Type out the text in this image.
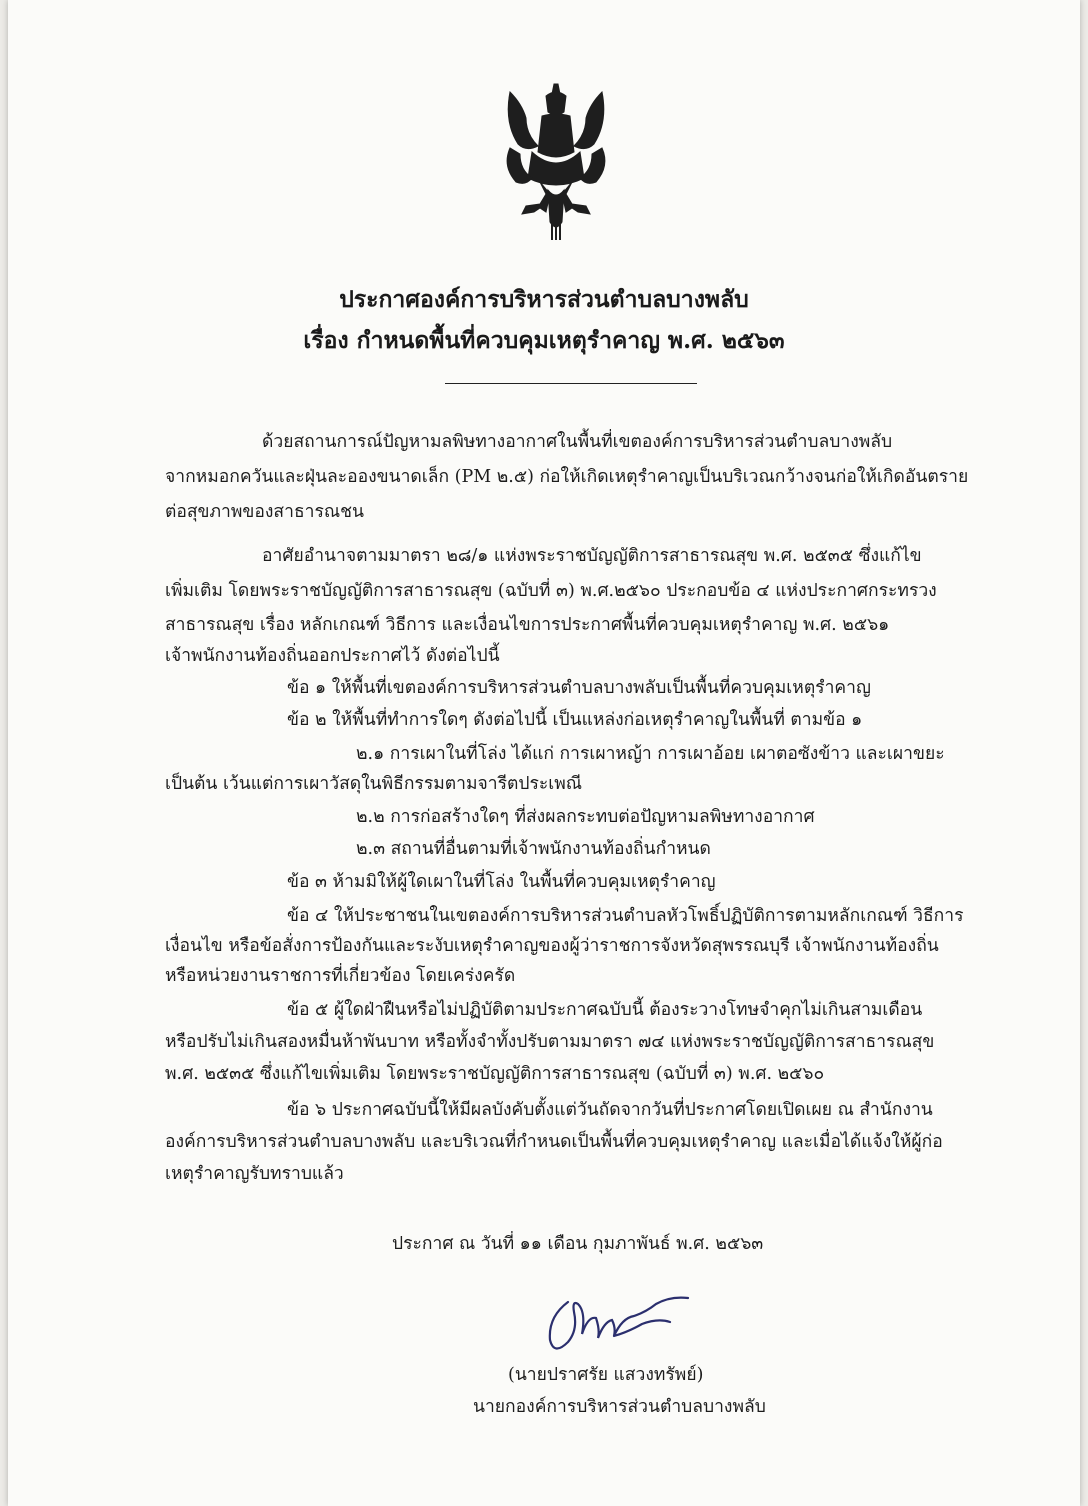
ประกาศองค์การบริหารส่วนตำบลบางพลับ
เรื่อง กำหนดพื้นที่ควบคุมเหตุรำคาญ พ.ศ. ๒๕๖๓
ด้วยสถานการณ์ปัญหามลพิษทางอากาศในพื้นที่เขตองค์การบริหารส่วนตำบลบางพลับ
จากหมอกควันและฝุ่นละอองขนาดเล็ก (PM ๒.๕) ก่อให้เกิดเหตุรำคาญเป็นบริเวณกว้างจนก่อให้เกิดอันตราย
ต่อสุขภาพของสาธารณชน
อาศัยอำนาจตามมาตรา ๒๘/๑ แห่งพระราชบัญญัติการสาธารณสุข พ.ศ. ๒๕๓๕ ซึ่งแก้ไข
เพิ่มเติม โดยพระราชบัญญัติการสาธารณสุข (ฉบับที่ ๓) พ.ศ.๒๕๖๐ ประกอบข้อ ๔ แห่งประกาศกระทรวง
สาธารณสุข เรื่อง หลักเกณฑ์ วิธีการ และเงื่อนไขการประกาศพื้นที่ควบคุมเหตุรำคาญ พ.ศ. ๒๕๖๑
เจ้าพนักงานท้องถิ่นออกประกาศไว้ ดังต่อไปนี้
ข้อ ๑ ให้พื้นที่เขตองค์การบริหารส่วนตำบลบางพลับเป็นพื้นที่ควบคุมเหตุรำคาญ
ข้อ ๒ ให้พื้นที่ทำการใดๆ ดังต่อไปนี้ เป็นแหล่งก่อเหตุรำคาญในพื้นที่ ตามข้อ ๑
๒.๑ การเผาในที่โล่ง ได้แก่ การเผาหญ้า การเผาอ้อย เผาตอซังข้าว และเผาขยะ
เป็นต้น เว้นแต่การเผาวัสดุในพิธีกรรมตามจารีตประเพณี
๒.๒ การก่อสร้างใดๆ ที่ส่งผลกระทบต่อปัญหามลพิษทางอากาศ
๒.๓ สถานที่อื่นตามที่เจ้าพนักงานท้องถิ่นกำหนด
ข้อ ๓ ห้ามมิให้ผู้ใดเผาในที่โล่ง ในพื้นที่ควบคุมเหตุรำคาญ
ข้อ ๔ ให้ประชาชนในเขตองค์การบริหารส่วนตำบลหัวโพธิ์ปฏิบัติการตามหลักเกณฑ์ วิธีการ
เงื่อนไข หรือข้อสั่งการป้องกันและระงับเหตุรำคาญของผู้ว่าราชการจังหวัดสุพรรณบุรี เจ้าพนักงานท้องถิ่น
หรือหน่วยงานราชการที่เกี่ยวข้อง โดยเคร่งครัด
ข้อ ๕ ผู้ใดฝ่าฝืนหรือไม่ปฏิบัติตามประกาศฉบับนี้ ต้องระวางโทษจำคุกไม่เกินสามเดือน
หรือปรับไม่เกินสองหมื่นห้าพันบาท หรือทั้งจำทั้งปรับตามมาตรา ๗๔ แห่งพระราชบัญญัติการสาธารณสุข
พ.ศ. ๒๕๓๕ ซึ่งแก้ไขเพิ่มเติม โดยพระราชบัญญัติการสาธารณสุข (ฉบับที่ ๓) พ.ศ. ๒๕๖๐
ข้อ ๖ ประกาศฉบับนี้ให้มีผลบังคับตั้งแต่วันถัดจากวันที่ประกาศโดยเปิดเผย ณ สำนักงาน
องค์การบริหารส่วนตำบลบางพลับ และบริเวณที่กำหนดเป็นพื้นที่ควบคุมเหตุรำคาญ และเมื่อได้แจ้งให้ผู้ก่อ
เหตุรำคาญรับทราบแล้ว
ประกาศ ณ วันที่ ๑๑ เดือน กุมภาพันธ์ พ.ศ. ๒๕๖๓
(นายปราศรัย แสวงทรัพย์)
นายกองค์การบริหารส่วนตำบลบางพลับ
